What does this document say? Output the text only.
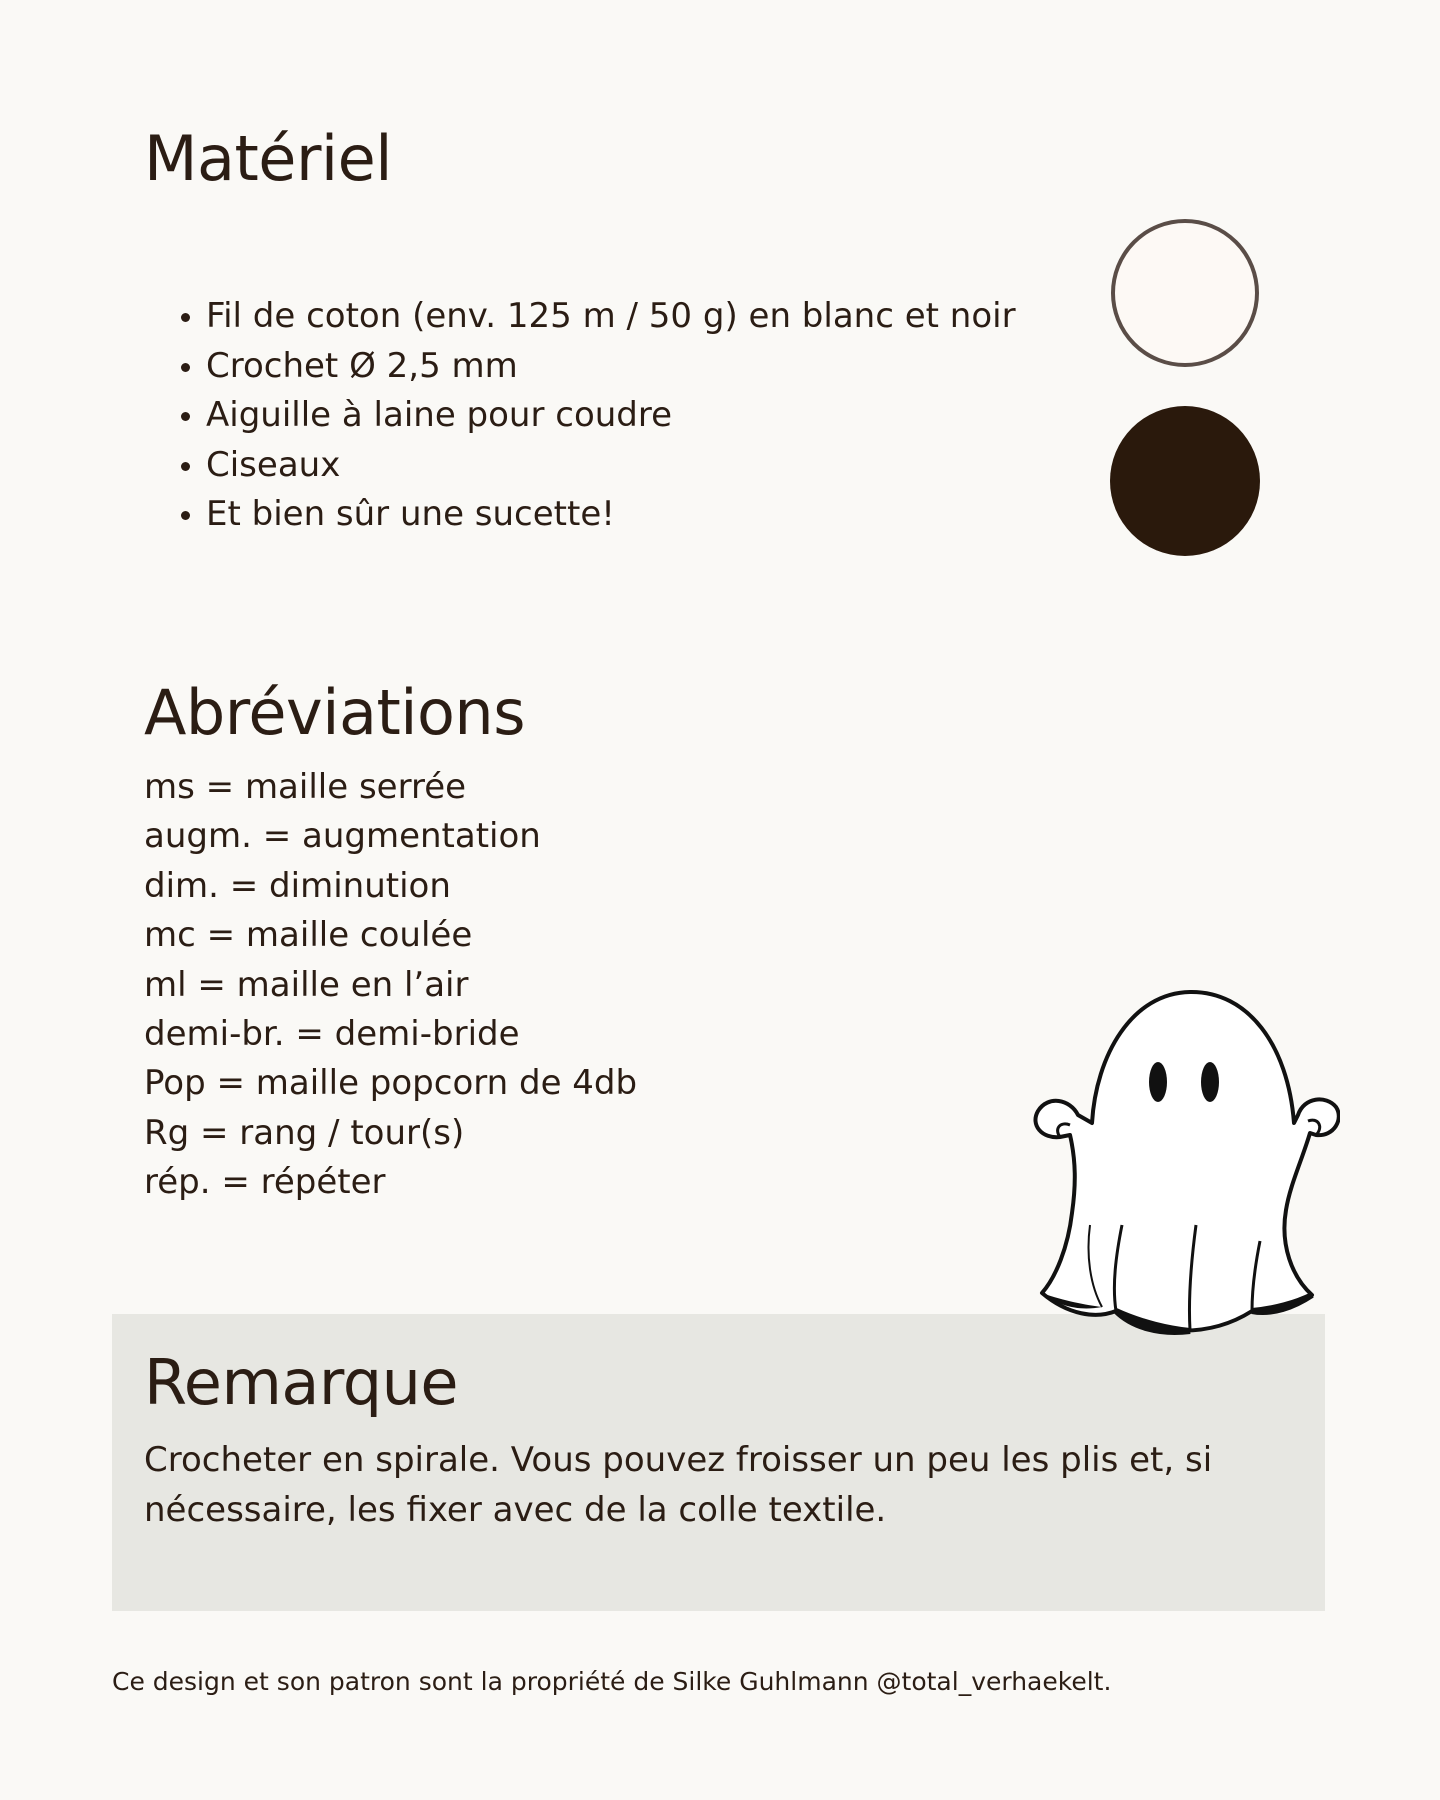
Matériel
• Fil de coton (env. 125 m / 50 g) en blanc et noir
• Crochet Ø 2,5 mm
• Aiguille à laine pour coudre
• Ciseaux
• Et bien sûr une sucette!
Abréviations
ms = maille serrée
augm. = augmentation
dim. = diminution
mc = maille coulée
ml = maille en l’air
demi-br. = demi-bride
Pop = maille popcorn de 4db
Rg = rang / tour(s)
rép. = répéter
Remarque

Crocheter en spirale. Vous pouvez froisser un peu les plis et, si nécessaire, les fixer avec de la colle textile.

Ce design et son patron sont la propriété de Silke Guhlmann @total_verhaekelt.
